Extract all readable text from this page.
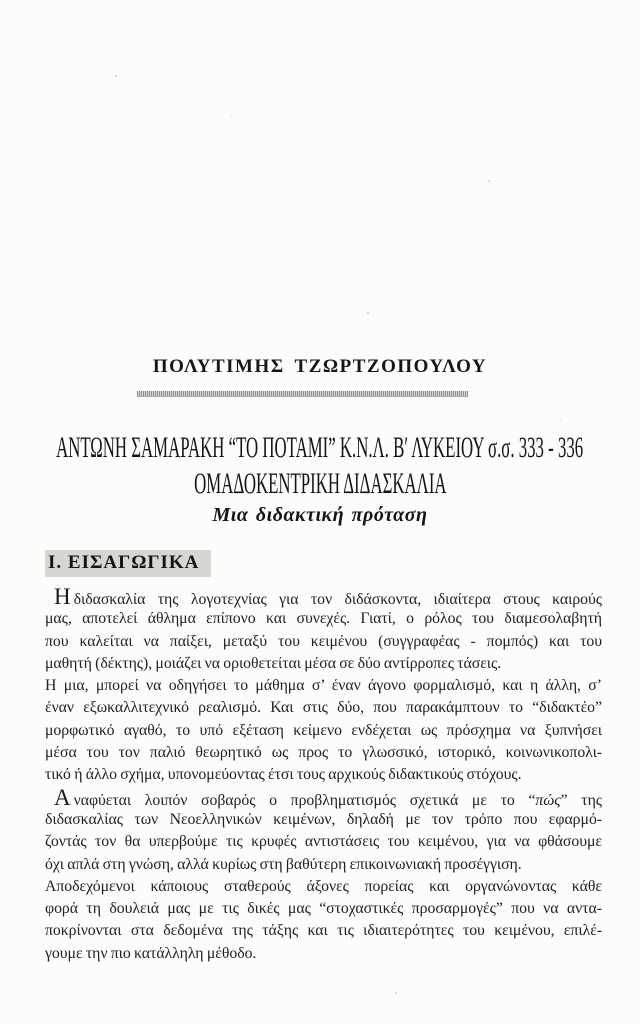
ΠΟΛΥΤΙΜΗΣ ΤΖΩΡΤΖΟΠΟΥΛΟΥ
ΑΝΤΩΝΗ ΣΑΜΑΡΑΚΗ “ΤΟ ΠΟΤΑΜΙ” Κ.Ν.Λ. Β′ ΛΥΚΕΙΟΥ σ.σ. 333 - 336
ΟΜΑΔΟΚΕΝΤΡΙΚΗ ΔΙΔΑΣΚΑΛΙΑ
Μια διδακτική πρόταση
Ι. ΕΙΣΑΓΩΓΙΚΑ
Η διδασκαλία της λογοτεχνίας για τον διδάσκοντα, ιδιαίτερα στους καιρούς
μας, αποτελεί άθλημα επίπονο και συνεχές. Γιατί, ο ρόλος του διαμεσολαβητή
που καλείται να παίξει, μεταξύ του κειμένου (συγγραφέας - πομπός) και του
μαθητή (δέκτης), μοιάζει να οριοθετείται μέσα σε δύο αντίρροπες τάσεις.
Η μια, μπορεί να οδηγήσει το μάθημα σ’ έναν άγονο φορμαλισμό, και η άλλη, σ’
έναν εξωκαλλιτεχνικό ρεαλισμό. Και στις δύο, που παρακάμπτουν το “διδακτέο”
μορφωτικό αγαθό, το υπό εξέταση κείμενο ενδέχεται ως πρόσχημα να ξυπνήσει
μέσα του τον παλιό θεωρητικό ως προς το γλωσσικό, ιστορικό, κοινωνικοπολι-
τικό ή άλλο σχήμα, υπονομεύοντας έτσι τους αρχικούς διδακτικούς στόχους.
Α ναφύεται λοιπόν σοβαρός ο προβληματισμός σχετικά με το “πώς” της
διδασκαλίας των Νεοελληνικών κειμένων, δηλαδή με τον τρόπο που εφαρμό-
ζοντάς τον θα υπερβούμε τις κρυφές αντιστάσεις του κειμένου, για να φθάσουμε
όχι απλά στη γνώση, αλλά κυρίως στη βαθύτερη επικοινωνιακή προσέγγιση.
Αποδεχόμενοι κάποιους σταθερούς άξονες πορείας και οργανώνοντας κάθε
φορά τη δουλειά μας με τις δικές μας “στοχαστικές προσαρμογές” που να αντα-
ποκρίνονται στα δεδομένα της τάξης και τις ιδιαιτερότητες του κειμένου, επιλέ-
γουμε την πιο κατάλληλη μέθοδο.
